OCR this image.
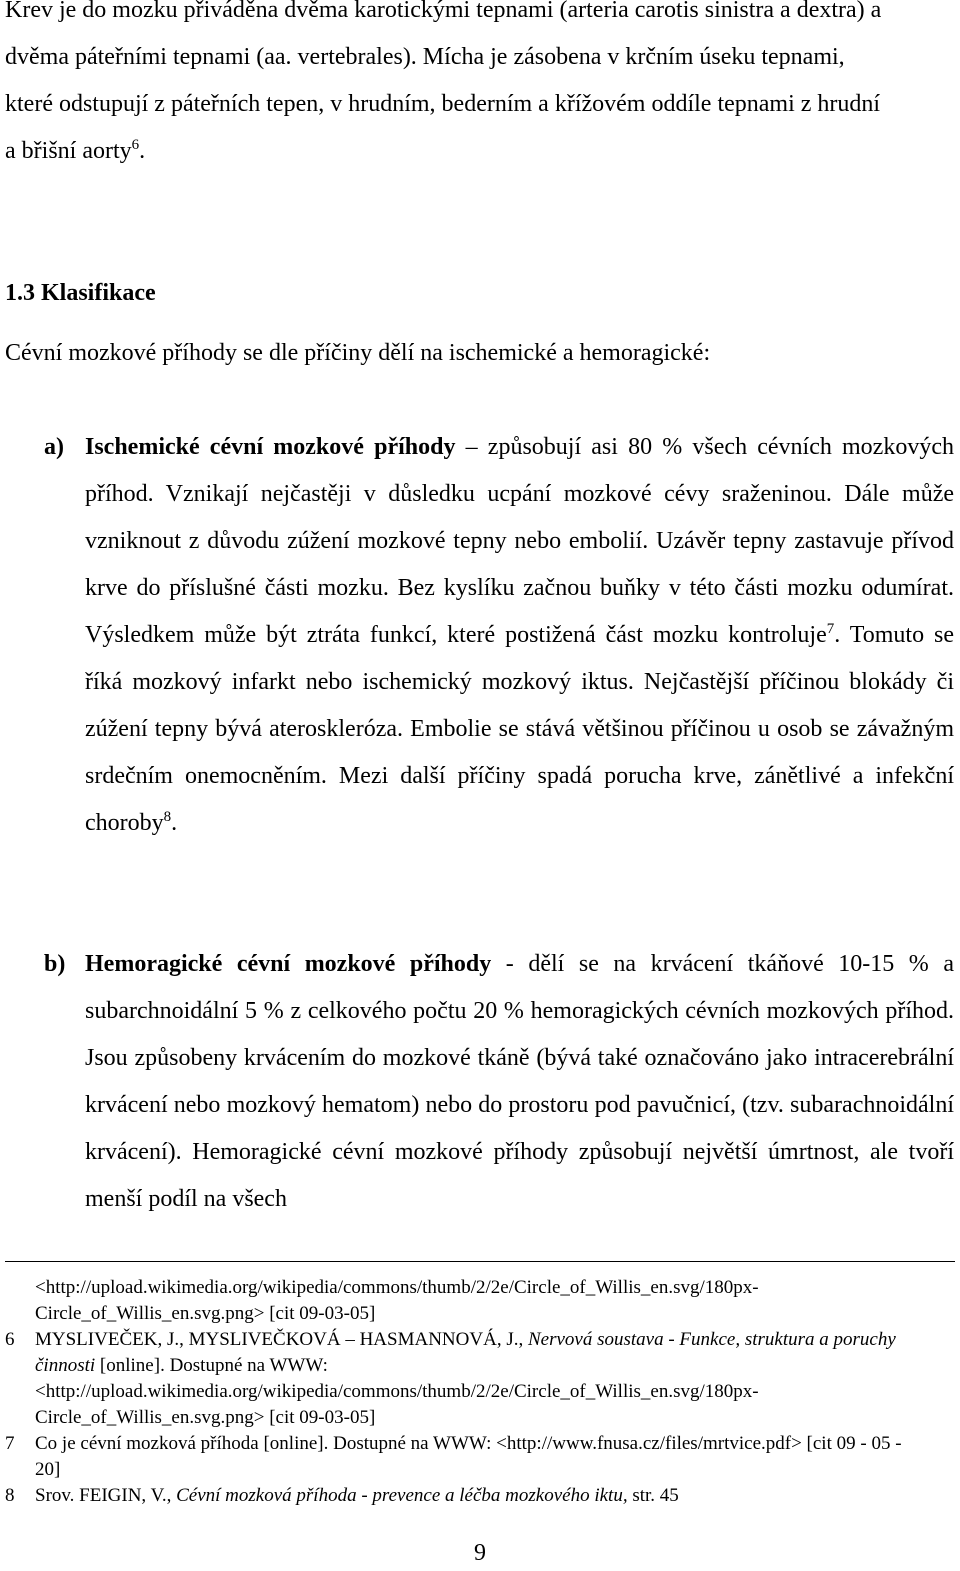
Krev je do mozku přiváděna dvěma karotickými tepnami (arteria carotis sinistra a dextra) a dvěma páteřními tepnami (aa. vertebrales). Mícha je zásobena v krčním úseku tepnami, které odstupují z páteřních tepen, v hrudním, bederním a křížovém oddíle tepnami z hrudní a břišní aorty$^6$.

1.3 Klasifikace

Cévní mozkové příhody se dle příčiny dělí na ischemické a hemoragické:

a) Ischemické cévní mozkové příhody – způsobují asi 80 % všech cévních mozkových příhod. Vznikají nejčastěji v důsledku ucpání mozkové cévy sraženinou. Dále může vzniknout z důvodu zúžení mozkové tepny nebo embolií. Uzávěr tepny zastavuje přívod krve do příslušné části mozku. Bez kyslíku začnou buňky v této části mozku odumírat. Výsledkem může být ztráta funkcí, které postižená část mozku kontroluje$^7$. Tomuto se říká mozkový infarkt nebo ischemický mozkový iktus. Nejčastější příčinou blokády či zúžení tepny bývá ateroskleróza. Embolie se stává většinou příčinou u osob se závažným srdečním onemocněním. Mezi další příčiny spadá porucha krve, zánětlivé a infekční choroby$^8$.
b) Hemoragické cévní mozkové příhody - dělí se na krvácení tkáňové 10-15 % a subarchnoidální 5 % z celkového počtu 20 % hemoragických cévních mozkových příhod. Jsou způsobeny krvácením do mozkové tkáně (bývá také označováno jako intracerebrální krvácení nebo mozkový hematom) nebo do prostoru pod pavučnicí, (tzv. subarachnoidální krvácení). Hemoragické cévní mozkové příhody způsobují největší úmrtnost, ale tvoří menší podíl na všech
<http://upload.wikimedia.org/wikipedia/commons/thumb/2/2e/Circle_of_Willis_en.svg/180px-Circle_of_Willis_en.svg.png> [cit 09-03-05]
6 MYSLIVEČEK, J., MYSLIVEČKOVÁ – HASMANNOVÁ, J., Nervová soustava - Funkce, struktura a poruchy činnosti [online]. Dostupné na WWW: <http://upload.wikimedia.org/wikipedia/commons/thumb/2/2e/Circle_of_Willis_en.svg/180px-Circle_of_Willis_en.svg.png> [cit 09-03-05]
7 Co je cévní mozková příhoda [online]. Dostupné na WWW: <http://www.fnusa.cz/files/mrtvice.pdf> [cit 09 - 05 - 20]
8 Srov. FEIGIN, V., Cévní mozková příhoda - prevence a léčba mozkového iktu, str. 45
9
